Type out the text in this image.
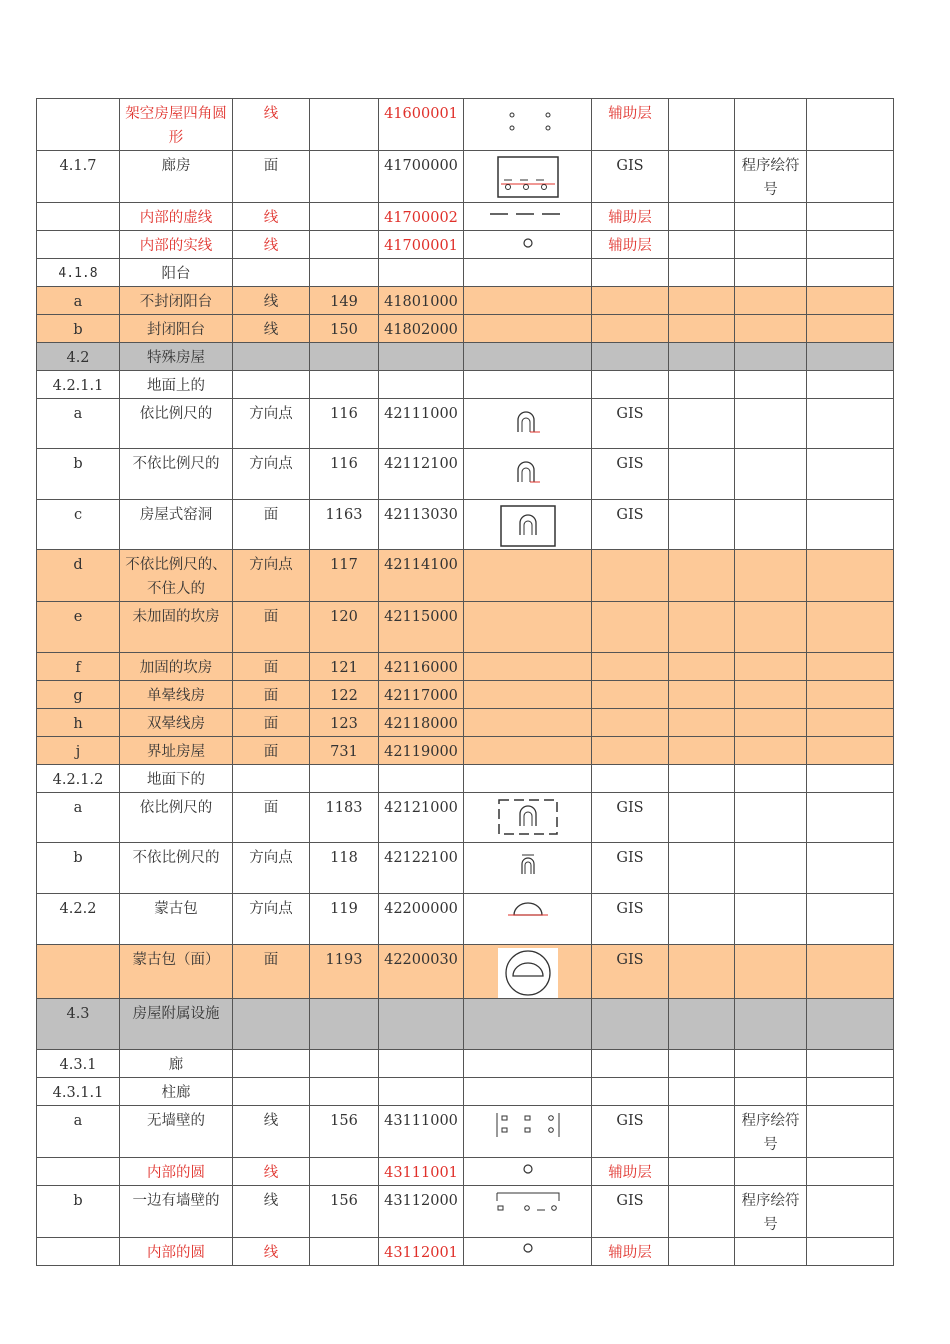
	架空房屋四角圆形	线		41600001		辅助层			
4.1.7	廊房	面		41700000		GIS		程序绘符号	
	内部的虚线	线		41700002		辅助层			
	内部的实线	线		41700001		辅助层			
4.1.8	阳台								
a	不封闭阳台	线	149	41801000					
b	封闭阳台	线	150	41802000					
4.2	特殊房屋								
4.2.1.1	地面上的								
a	依比例尺的	方向点	116	42111000		GIS			
b	不依比例尺的	方向点	116	42112100		GIS			
c	房屋式窑洞	面	1163	42113030		GIS			
d	不依比例尺的、不住人的	方向点	117	42114100					
e	未加固的坎房	面	120	42115000					
f	加固的坎房	面	121	42116000					
g	单晕线房	面	122	42117000					
h	双晕线房	面	123	42118000					
j	界址房屋	面	731	42119000					
4.2.1.2	地面下的								
a	依比例尺的	面	1183	42121000		GIS			
b	不依比例尺的	方向点	118	42122100		GIS			
4.2.2	蒙古包	方向点	119	42200000		GIS			
	蒙古包（面）	面	1193	42200030		GIS			
4.3	房屋附属设施								
4.3.1	廊								
4.3.1.1	柱廊								
a	无墙壁的	线	156	43111000		GIS		程序绘符号	
	内部的圆	线		43111001		辅助层			
b	一边有墙壁的	线	156	43112000		GIS		程序绘符号	
	内部的圆	线		43112001		辅助层			
